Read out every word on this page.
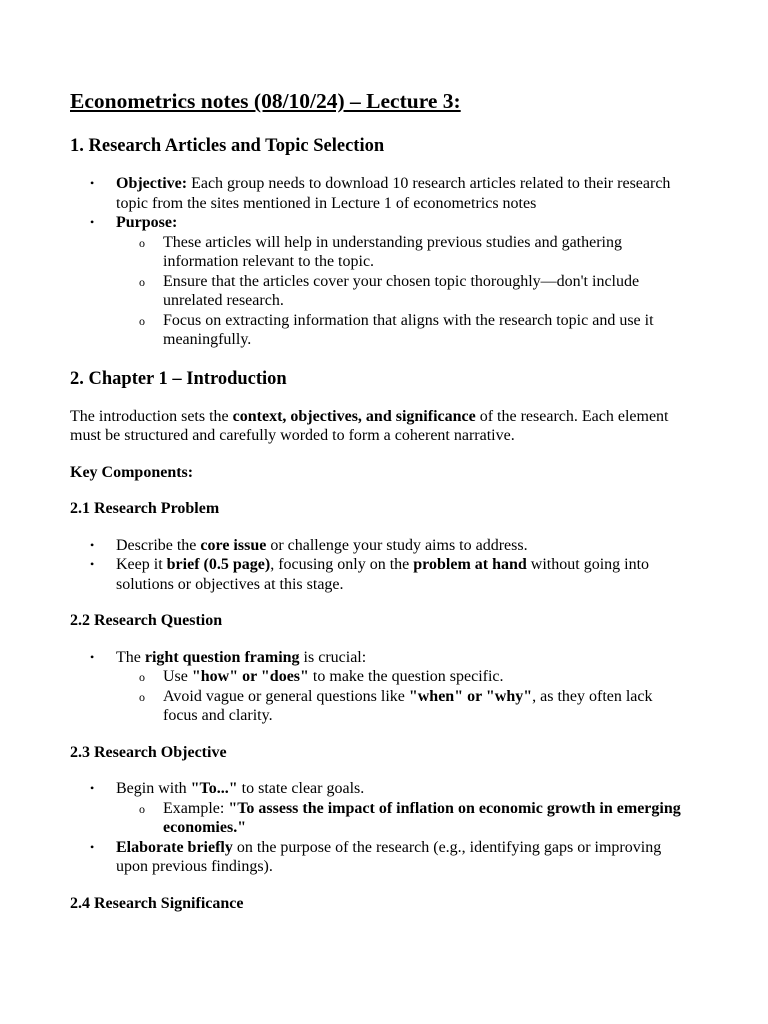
Econometrics notes (08/10/24) – Lecture 3:
1. Research Articles and Topic Selection
• Objective: Each group needs to download 10 research articles related to their research topic from the sites mentioned in Lecture 1 of econometrics notes
• Purpose:
o These articles will help in understanding previous studies and gathering information relevant to the topic.
o Ensure that the articles cover your chosen topic thoroughly—don't include unrelated research.
o Focus on extracting information that aligns with the research topic and use it meaningfully.
2. Chapter 1 – Introduction

The introduction sets the context, objectives, and significance of the research. Each element must be structured and carefully worded to form a coherent narrative.

Key Components:
2.1 Research Problem
• Describe the core issue or challenge your study aims to address.
• Keep it brief (0.5 page), focusing only on the problem at hand without going into solutions or objectives at this stage.
2.2 Research Question
• The right question framing is crucial:
o Use "how" or "does" to make the question specific.
o Avoid vague or general questions like "when" or "why", as they often lack focus and clarity.
2.3 Research Objective
• Begin with "To..." to state clear goals.
o Example: "To assess the impact of inflation on economic growth in emerging economies."
• Elaborate briefly on the purpose of the research (e.g., identifying gaps or improving upon previous findings).
2.4 Research Significance
